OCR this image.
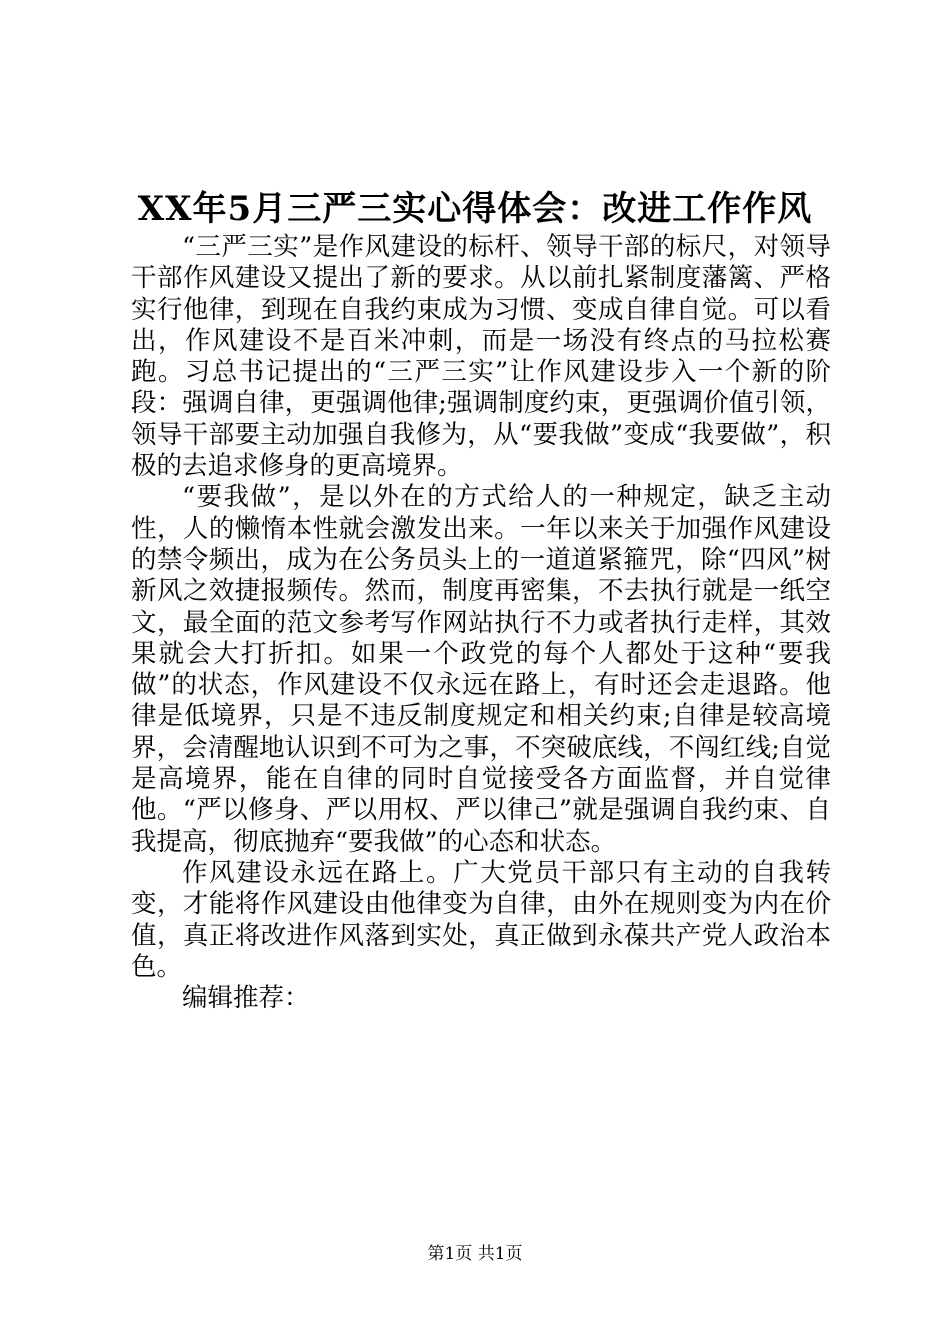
XX年5月三严三实心得体会：改进工作作风

“三严三实”是作风建设的标杆、领导干部的标尺，对领导干部作风建设又提出了新的要求。从以前扎紧制度藩篱、严格实行他律，到现在自我约束成为习惯、变成自律自觉。可以看出，作风建设不是百米冲刺，而是一场没有终点的马拉松赛跑。习总书记提出的“三严三实”让作风建设步入一个新的阶段：强调自律，更强调他律;强调制度约束，更强调价值引领，领导干部要主动加强自我修为，从“要我做”变成“我要做”，积极的去追求修身的更高境界。

“要我做”，是以外在的方式给人的一种规定，缺乏主动性，人的懒惰本性就会激发出来。一年以来关于加强作风建设的禁令频出，成为在公务员头上的一道道紧箍咒，除“四风”树新风之效捷报频传。然而，制度再密集，不去执行就是一纸空文，最全面的范文参考写作网站执行不力或者执行走样，其效果就会大打折扣。如果一个政党的每个人都处于这种“要我做”的状态，作风建设不仅永远在路上，有时还会走退路。他律是低境界，只是不违反制度规定和相关约束;自律是较高境界，会清醒地认识到不可为之事，不突破底线，不闯红线;自觉是高境界，能在自律的同时自觉接受各方面监督，并自觉律他。“严以修身、严以用权、严以律己”就是强调自我约束、自我提高，彻底抛弃“要我做”的心态和状态。

作风建设永远在路上。广大党员干部只有主动的自我转变，才能将作风建设由他律变为自律，由外在规则变为内在价值，真正将改进作风落到实处，真正做到永葆共产党人政治本色。

编辑推荐：

第1页 共1页
